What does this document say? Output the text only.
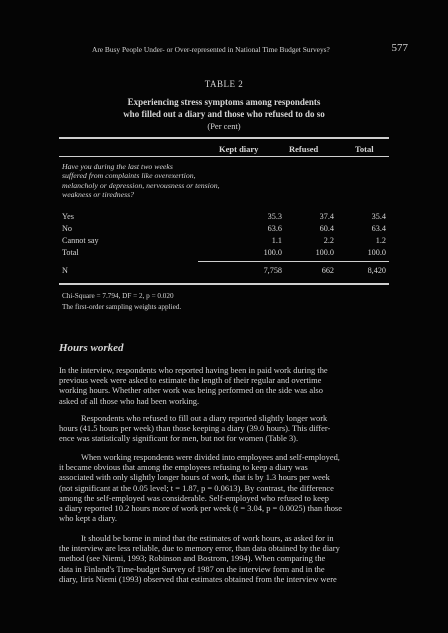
Are Busy People Under- or Over-represented in National Time Budget Surveys?	577
TABLE 2
Experiencing stress symptoms among respondents
who filled out a diary and those who refused to do so
(Per cent)
Kept diary	Refused	Total
Have you during the last two weeks
suffered from complaints like overexertion,
melancholy or depression, nervousness or tension,
weakness or tiredness?
Yes	35.3	37.4	35.4
No	63.6	60.4	63.4
Cannot say	1.1	2.2	1.2
Total	100.0	100.0	100.0
N	7,758	662	8,420
Chi-Square = 7.794, DF = 2, p = 0.020
The first-order sampling weights applied.
Hours worked
In the interview, respondents who reported having been in paid work during the
previous week were asked to estimate the length of their regular and overtime
working hours. Whether other work was being performed on the side was also
asked of all those who had been working.
Respondents who refused to fill out a diary reported slightly longer work
hours (41.5 hours per week) than those keeping a diary (39.0 hours). This differ-
ence was statistically significant for men, but not for women (Table 3).
When working respondents were divided into employees and self-employed,
it became obvious that among the employees refusing to keep a diary was
associated with only slightly longer hours of work, that is by 1.3 hours per week
(not significant at the 0.05 level; t = 1.87, p = 0.0613). By contrast, the difference
among the self-employed was considerable. Self-employed who refused to keep
a diary reported 10.2 hours more of work per week (t = 3.04, p = 0.0025) than those
who kept a diary.
It should be borne in mind that the estimates of work hours, as asked for in
the interview are less reliable, due to memory error, than data obtained by the diary
method (see Niemi, 1993; Robinson and Bostrom, 1994). When comparing the
data in Finland's Time-budget Survey of 1987 on the interview form and in the
diary, Iiris Niemi (1993) observed that estimates obtained from the interview were
